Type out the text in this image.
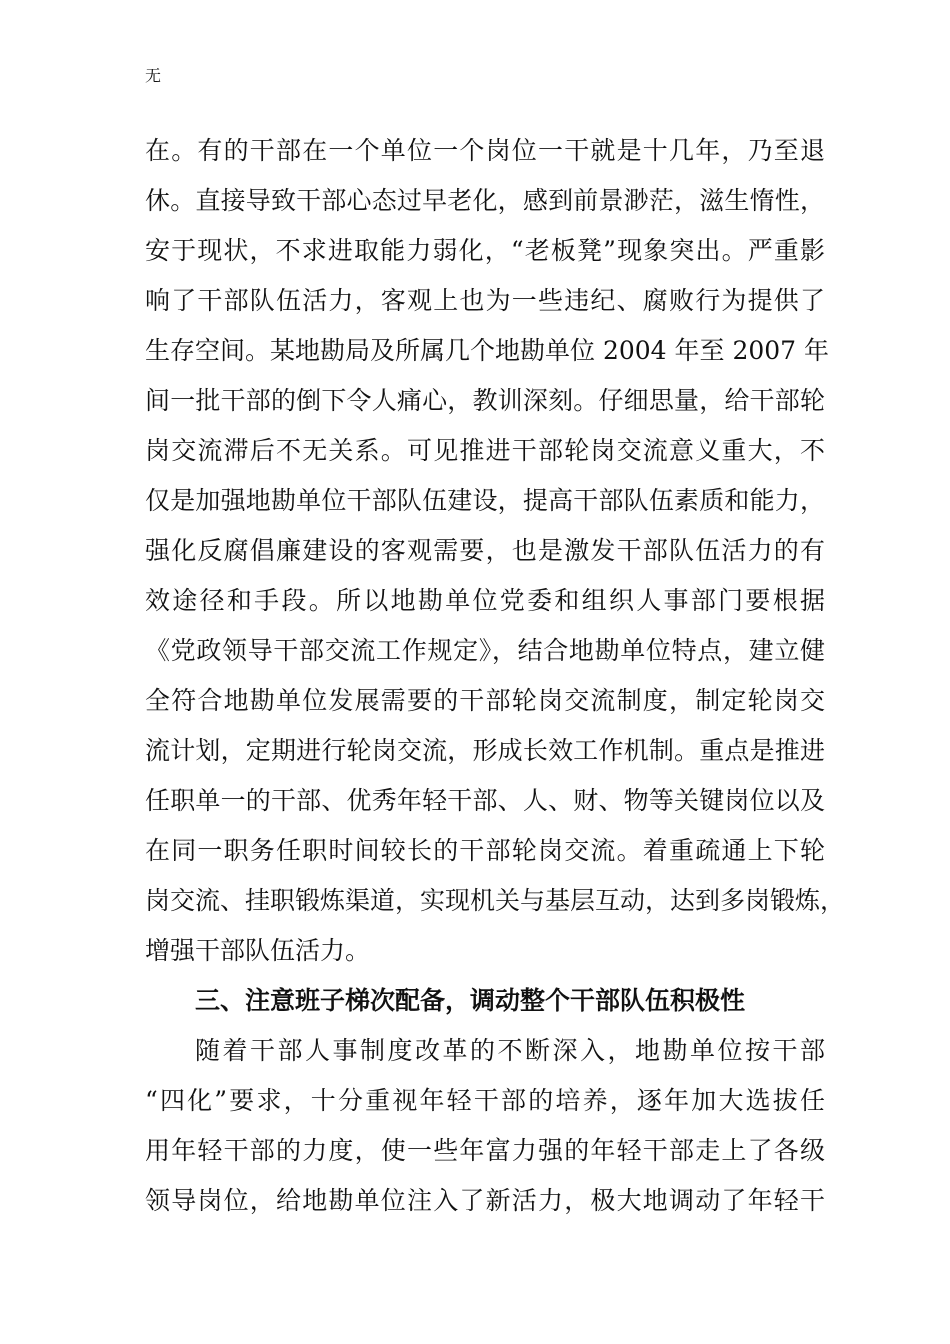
无
在。有的干部在一个单位一个岗位一干就是十几年，乃至退
休。直接导致干部心态过早老化，感到前景渺茫，滋生惰性，
安于现状，不求进取能力弱化，“老板凳”现象突出。严重影
响了干部队伍活力，客观上也为一些违纪、腐败行为提供了
生存空间。某地勘局及所属几个地勘单位 2004 年至 2007 年
间一批干部的倒下令人痛心，教训深刻。仔细思量，给干部轮
岗交流滞后不无关系。可见推进干部轮岗交流意义重大，不
仅是加强地勘单位干部队伍建设，提高干部队伍素质和能力，
强化反腐倡廉建设的客观需要，也是激发干部队伍活力的有
效途径和手段。所以地勘单位党委和组织人事部门要根据
《党政领导干部交流工作规定》，结合地勘单位特点，建立健
全符合地勘单位发展需要的干部轮岗交流制度，制定轮岗交
流计划，定期进行轮岗交流，形成长效工作机制。重点是推进
任职单一的干部、优秀年轻干部、人、财、物等关键岗位以及
在同一职务任职时间较长的干部轮岗交流。着重疏通上下轮
岗交流、挂职锻炼渠道，实现机关与基层互动，达到多岗锻炼，
增强干部队伍活力。
三、注意班子梯次配备，调动整个干部队伍积极性
随着干部人事制度改革的不断深入，地勘单位按干部
“四化”要求，十分重视年轻干部的培养，逐年加大选拔任
用年轻干部的力度，使一些年富力强的年轻干部走上了各级
领导岗位，给地勘单位注入了新活力，极大地调动了年轻干
